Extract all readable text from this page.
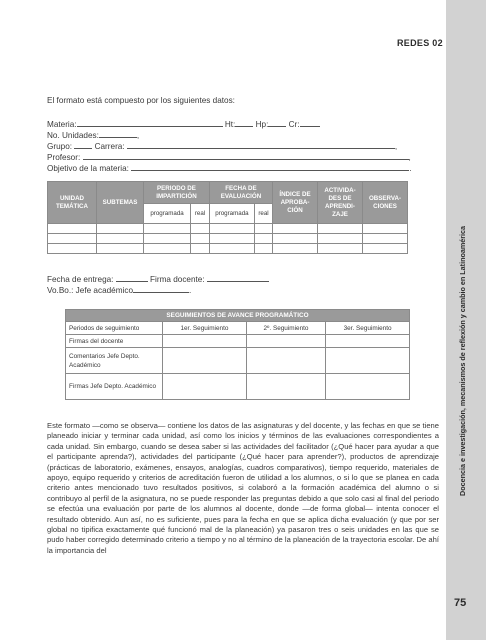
REDES 02
Docencia e investigación, mecanismos de reflexión y cambio en Latinoamérica
75
El formato está compuesto por los siguientes datos:
Materia:	Ht: Hp: Cr:
No. Unidades:	,
Grupo:	Carrera:	,
Profesor:	,
Objetivo de la materia:	.
UNIDAD TEMÁTICA	SUBTEMAS	PERIODO DE IMPARTICIÓN		FECHA DE EVALUACIÓN		ÍNDICE DE APROBA-CIÓN	ACTIVIDA-DES DE APRENDI-ZAJE	OBSERVA-CIONES
		programada	real	programada	real			

Fecha de entrega:	Firma docente:
Vo.Bo.: Jefe académico	.
SEGUIMIENTOS DE AVANCE PROGRAMÁTICO			
Periodos de seguimiento	1er. Seguimiento	2º. Seguimiento	3er. Seguimiento
Firmas del docente			
Comentarios Jefe Depto. Académico			
Firmas Jefe Depto. Académico			
Este formato —como se observa— contiene los datos de las asignaturas y del docente, y las fechas en que se tiene planeado iniciar y terminar cada unidad, así como los inicios y términos de las evaluaciones correspondientes a cada unidad. Sin embargo, cuando se desea saber si las actividades del facilitador (¿Qué hacer para ayudar a que el participante aprenda?), actividades del participante (¿Qué hacer para aprender?), productos de aprendizaje (prácticas de laboratorio, exámenes, ensayos, analogías, cuadros comparativos), tiempo requerido, materiales de apoyo, equipo requerido y criterios de acreditación fueron de utilidad a los alumnos, o si lo que se planea en cada criterio antes mencionado tuvo resultados positivos, si colaboró a la formación académica del alumno o si contribuyo al perfil de la asignatura, no se puede responder las preguntas debido a que solo casi al final del periodo se efectúa una evaluación por parte de los alumnos al docente, donde —de forma global— intenta conocer el resultado obtenido. Aun así, no es suficiente, pues para la fecha en que se aplica dicha evaluación (y que por ser global no tipifica exactamente qué funcionó mal de la planeación) ya pasaron tres o seis unidades en las que se pudo haber corregido determinado criterio a tiempo y no al término de la planeación de la trayectoria escolar. De ahí la importancia del
